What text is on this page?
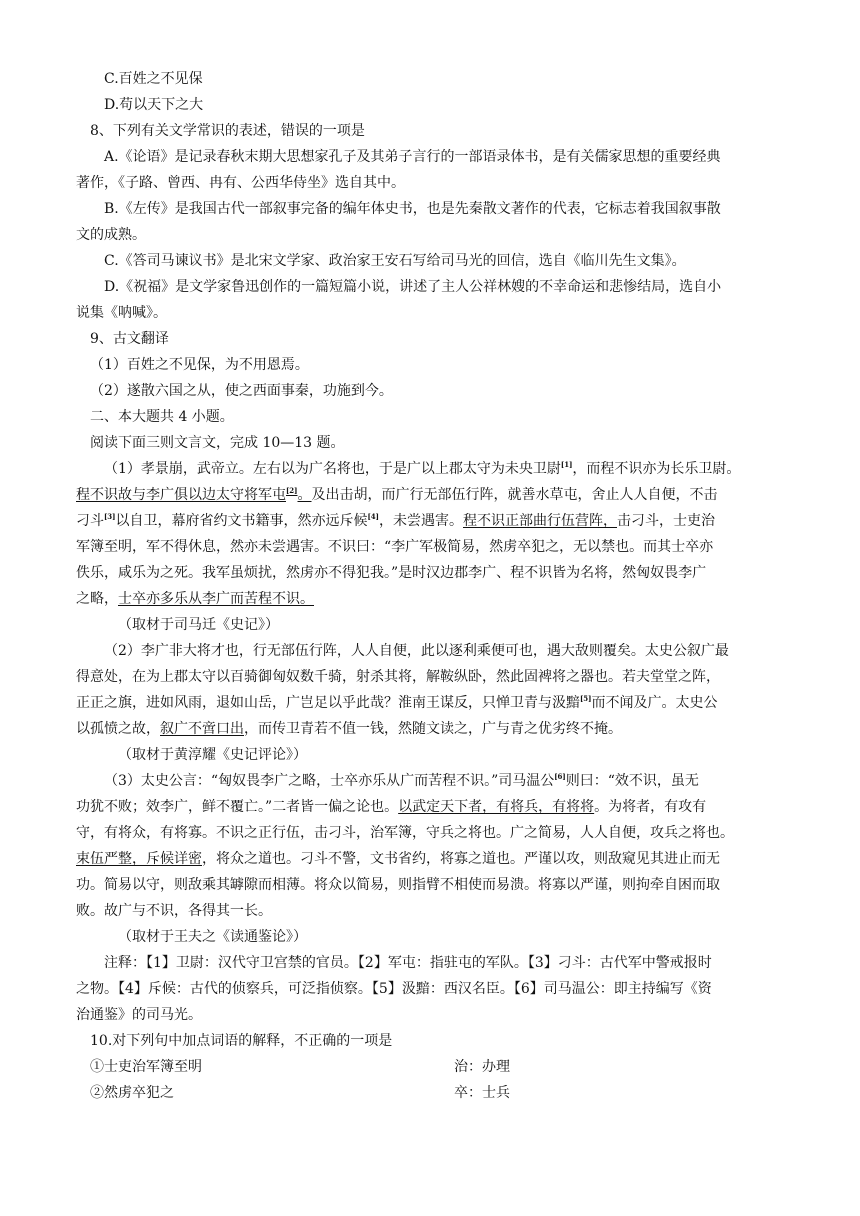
C.百姓之不见保
D.苟以天下之大
8、下列有关文学常识的表述，错误的一项是
A.《论语》是记录春秋末期大思想家孔子及其弟子言行的一部语录体书，是有关儒家思想的重要经典
著作，《子路、曾西、冉有、公西华侍坐》选自其中。
B.《左传》是我国古代一部叙事完备的编年体史书，也是先秦散文著作的代表，它标志着我国叙事散
文的成熟。
C.《答司马谏议书》是北宋文学家、政治家王安石写给司马光的回信，选自《临川先生文集》。
D.《祝福》是文学家鲁迅创作的一篇短篇小说，讲述了主人公祥林嫂的不幸命运和悲惨结局，选自小
说集《呐喊》。
9、古文翻译
（1）百姓之不见保，为不用恩焉。
（2）遂散六国之从，使之西面事秦，功施到今。
二、本大题共 4 小题。
阅读下面三则文言文，完成 10—13 题。
（1）孝景崩，武帝立。左右以为广名将也，于是广以上郡太守为未央卫尉[1]，而程不识亦为长乐卫尉。
程不识故与李广俱以边太守将军屯[2]。及出击胡，而广行无部伍行阵，就善水草屯，舍止人人自便，不击
刁斗[3]以自卫，幕府省约文书籍事，然亦远斥候[4]，未尝遇害。程不识正部曲行伍营阵，击刁斗，士吏治
军簿至明，军不得休息，然亦未尝遇害。不识曰：“李广军极简易，然虏卒犯之，无以禁也。而其士卒亦
佚乐，咸乐为之死。我军虽烦扰，然虏亦不得犯我。”是时汉边郡李广、程不识皆为名将，然匈奴畏李广
之略，士卒亦多乐从李广而苦程不识。
（取材于司马迁《史记》）
（2）李广非大将才也，行无部伍行阵，人人自便，此以逐利乘便可也，遇大敌则覆矣。太史公叙广最
得意处，在为上郡太守以百骑御匈奴数千骑，射杀其将，解鞍纵卧，然此固裨将之器也。若夫堂堂之阵，
正正之旗，进如风雨，退如山岳，广岂足以乎此哉？淮南王谋反，只惮卫青与汲黯[5]而不闻及广。太史公
以孤愤之故，叙广不啻口出，而传卫青若不值一钱，然随文读之，广与青之优劣终不掩。
（取材于黄淳耀《史记评论》）
（3）太史公言：“匈奴畏李广之略，士卒亦乐从广而苦程不识。”司马温公[6]则曰：“效不识，虽无
功犹不败；效李广，鲜不覆亡。”二者皆一偏之论也。以武定天下者，有将兵，有将将。为将者，有攻有
守，有将众，有将寡。不识之正行伍，击刁斗，治军簿，守兵之将也。广之简易，人人自便，攻兵之将也。
束伍严整，斥候详密，将众之道也。刁斗不警，文书省约，将寡之道也。严谨以攻，则敌窥见其进止而无
功。简易以守，则敌乘其罅隙而相薄。将众以简易，则指臂不相使而易溃。将寡以严谨，则拘牵自困而取
败。故广与不识，各得其一长。
（取材于王夫之《读通鉴论》）
注释：【1】卫尉：汉代守卫宫禁的官员。【2】军屯：指驻屯的军队。【3】刁斗：古代军中警戒报时
之物。【4】斥候：古代的侦察兵，可泛指侦察。【5】汲黯：西汉名臣。【6】司马温公：即主持编写《资
治通鉴》的司马光。
10.对下列句中加点词语的解释，不正确的一项是
①士吏治军簿至明	治：办理
②然虏卒犯之	卒：士兵
